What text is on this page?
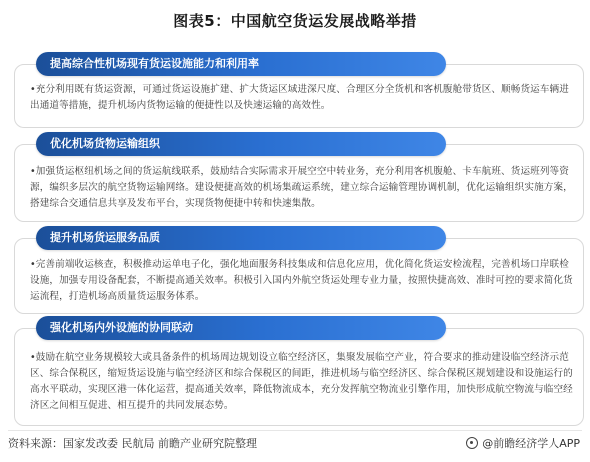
图表5：中国航空货运发展战略举措
提高综合性机场现有货运设施能力和利用率
•充分利用既有货运资源，可通过货运设施扩建、扩大货运区域进深尺度、合理区分全货机和客机腹舱带货区、顺畅货运车辆进出通道等措施，提升机场内货物运输的便捷性以及快速运输的高效性。
优化机场货物运输组织
•加强货运枢纽机场之间的货运航线联系，鼓励结合实际需求开展空空中转业务，充分利用客机腹舱、卡车航班、货运班列等资源，编织多层次的航空货物运输网络。建设便捷高效的机场集疏运系统，建立综合运输管理协调机制，优化运输组织实施方案，搭建综合交通信息共享及发布平台，实现货物便捷中转和快速集散。
提升机场货运服务品质
•完善前端收运核查，积极推动运单电子化，强化地面服务科技集成和信息化应用，优化简化货运安检流程，完善机场口岸联检设施，加强专用设备配套，不断提高通关效率。积极引入国内外航空货运处理专业力量，按照快捷高效、准时可控的要求简化货运流程，打造机场高质量货运服务体系。
强化机场内外设施的协同联动
•鼓励在航空业务规模较大或具备条件的机场周边规划设立临空经济区，集聚发展临空产业，符合要求的推动建设临空经济示范区、综合保税区，缩短货运设施与临空经济区和综合保税区的间距，推进机场与临空经济区、综合保税区规划建设和设施运行的高水平联动，实现区港一体化运营，提高通关效率，降低物流成本，充分发挥航空物流业引擎作用，加快形成航空物流与临空经济区之间相互促进、相互提升的共同发展态势。
资料来源：国家发改委 民航局 前瞻产业研究院整理	@前瞻经济学人APP
